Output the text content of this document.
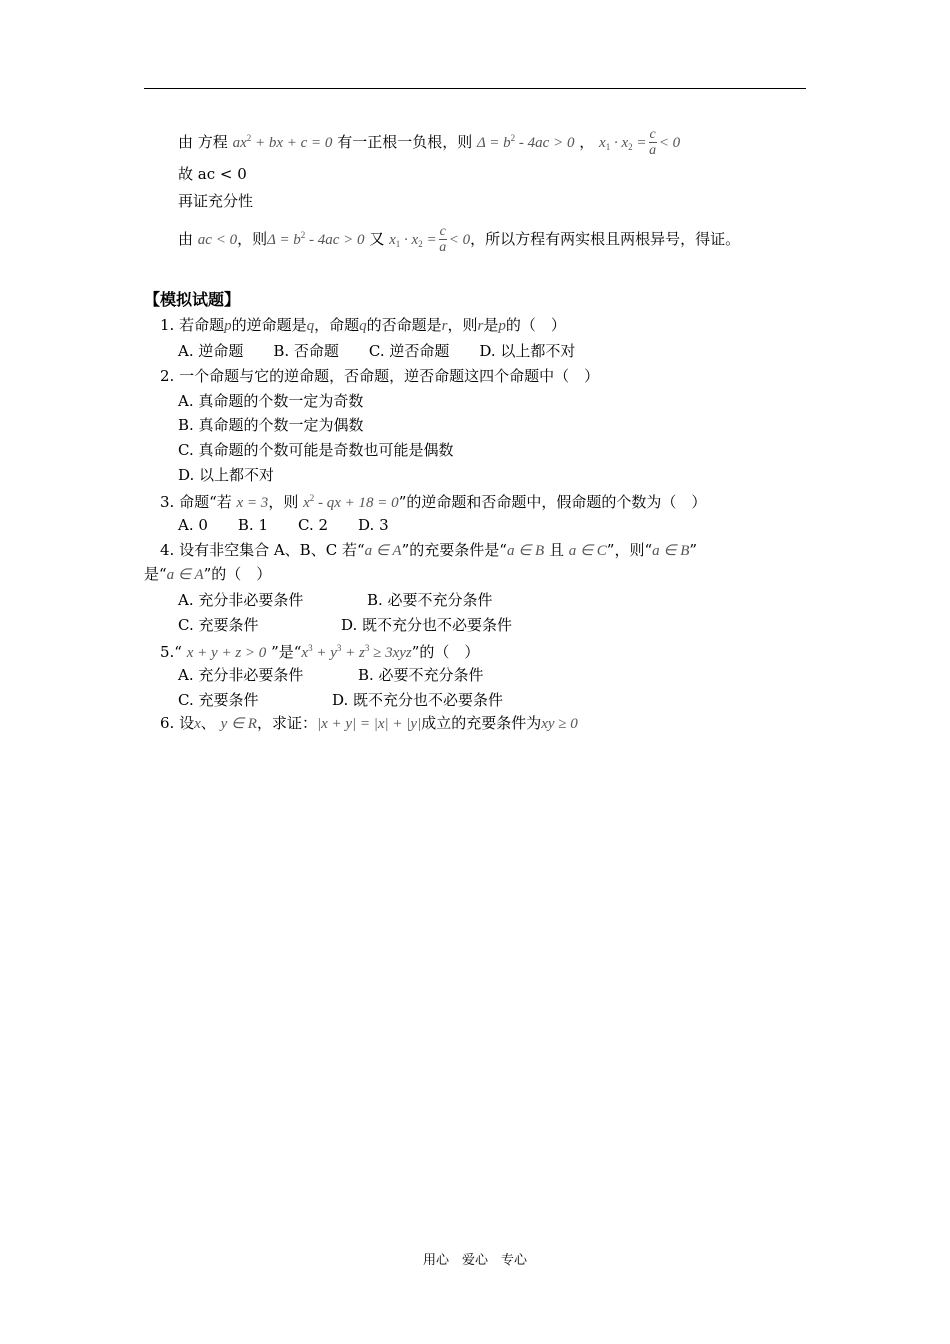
由 方程 $ax^2$ + bx + c = 0 有一正根一负根，则 $\Delta = b^2 - 4ac > 0$ ， $x_1 \cdot x_2 = \frac{c}{a} < 0$
故 ac < 0
再证充分性
由 ac < 0，则$\Delta = b^2 - 4ac > 0$ 又 $x_1 \cdot x_2 = \frac{c}{a} < 0$，所以方程有两实根且两根异号，得证。
【模拟试题】
1. 若命题p的逆命题是q，命题q的否命题是r，则r是p的（　）
A. 逆命题　　B. 否命题　　C. 逆否命题　　D. 以上都不对
2. 一个命题与它的逆命题，否命题，逆否命题这四个命题中（　）
A. 真命题的个数一定为奇数
B. 真命题的个数一定为偶数
C. 真命题的个数可能是奇数也可能是偶数
D. 以上都不对
3. 命题“若 x = 3，则 $x^2$ - qx + 18 = 0”的逆命题和否命题中，假命题的个数为（　）
A. 0　　B. 1　　C. 2　　D. 3
4. 设有非空集合 A、B、C 若“a ∈ A”的充要条件是“a ∈ B 且 a ∈ C”，则“a ∈ B”
是“a ∈ A”的（　）
A. 充分非必要条件	B. 必要不充分条件
C. 充要条件	D. 既不充分也不必要条件
5.“ x + y + z > 0 ”是“$x^3 + y^3 + z^3 \ge 3xyz$”的（　）
A. 充分非必要条件	B. 必要不充分条件
C. 充要条件	D. 既不充分也不必要条件
6. 设x、 y ∈ R，求证：|x + y| = |x| + |y|成立的充要条件为xy ≥ 0
用心　爱心　专心
